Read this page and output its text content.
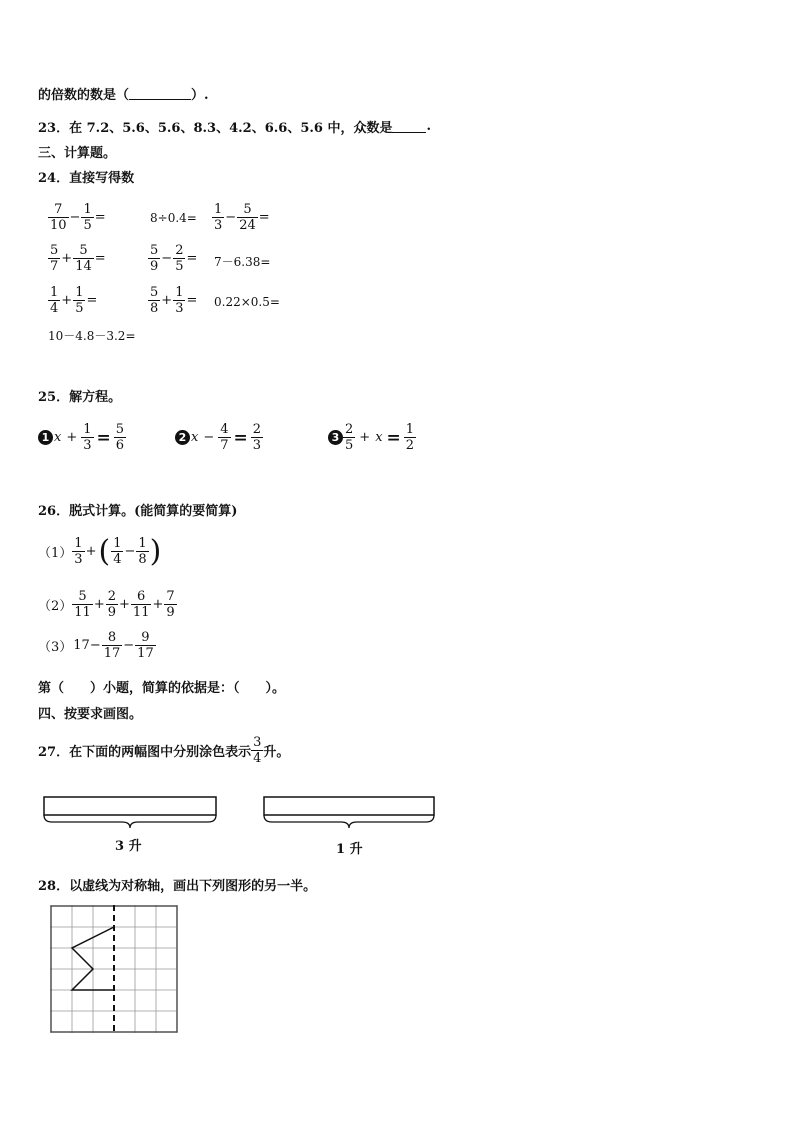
的倍数的数是（	）.
23．在 7.2、5.6、5.6、8.3、4.2、6.6、5.6 中，众数是	.
三、计算题。
24．直接写得数
$\frac{7}{10} - \frac{1}{5}$ =	$8\div 0.4= \frac{1}{3} - \frac{5}{24}$ =
$\frac{5}{7} + \frac{5}{14}$ =	$\frac{5}{9} - \frac{2}{5} = 7-6.38=$
$\frac{1}{4} + \frac{1}{5}$ =	$\frac{5}{8} + \frac{1}{3} = 0.22\times 0.5=$
10－4.8－3.2=
25．解方程。
1 $x + \frac{1}{3} = \frac{5}{6}$	2 $x - \frac{4}{7} = \frac{2}{3}$	$3 \frac{2}{5} + x = \frac{1}{2}$
26．脱式计算。(能简算的要简算)
$(1) \frac{1}{3}$ + ( $\frac{1}{4} - \frac{1}{8}$ )
$(2) \frac{5}{11} + \frac{2}{9} + \frac{6}{11} + \frac{7}{9}$
（3） $17- \frac{8}{17} - \frac{9}{17}$
第（　　）小题，简算的依据是：（　　）。
四、按要求画图。
27．在下面的两幅图中分别涂色表示 $\frac{3}{4}$ 升。
3 升	1 升
28．以虚线为对称轴，画出下列图形的另一半。
